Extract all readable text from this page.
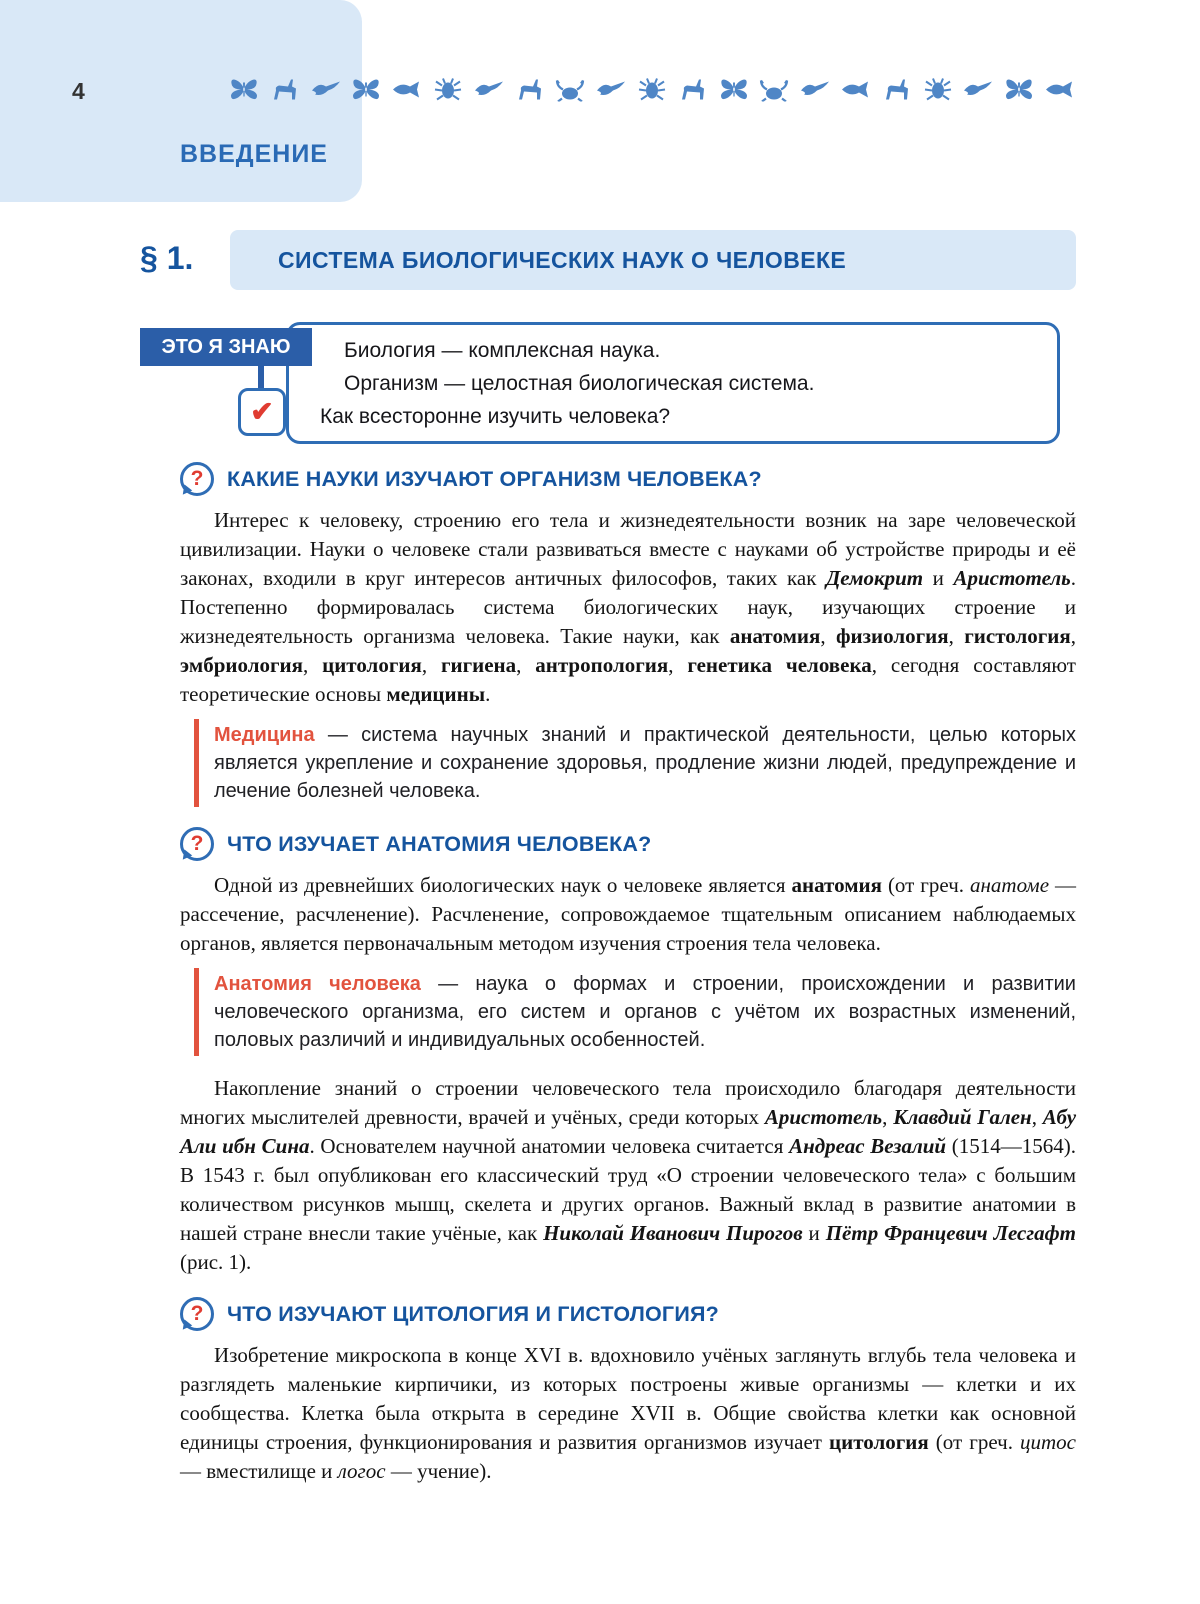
4
ВВЕДЕНИЕ
§ 1.	СИСТЕМА БИОЛОГИЧЕСКИХ НАУК О ЧЕЛОВЕКЕ
ЭТО Я ЗНАЮ
✔
Биология — комплексная наука.
Организм — целостная биологическая система.
Как всесторонне изучить человека?
? КАКИЕ НАУКИ ИЗУЧАЮТ ОРГАНИЗМ ЧЕЛОВЕКА?

Интерес к человеку, строению его тела и жизнедеятельности возник на заре человеческой цивилизации. Науки о человеке стали развиваться вместе с науками об устройстве природы и её законах, входили в круг интересов античных философов, таких как Демокрит и Аристотель. Постепенно формировалась система биологических наук, изучающих строение и жизнедеятельность организма человека. Такие науки, как анатомия, физиология, гистология, эмбриология, цитология, гигиена, антропология, генетика человека, сегодня составляют теоретические основы медицины.

Медицина — система научных знаний и практической деятельности, целью которых является укрепление и сохранение здоровья, продление жизни людей, предупреждение и лечение болезней человека.

? ЧТО ИЗУЧАЕТ АНАТОМИЯ ЧЕЛОВЕКА?

Одной из древнейших биологических наук о человеке является анатомия (от греч. анатоме — рассечение, расчленение). Расчленение, сопровождаемое тщательным описанием наблюдаемых органов, является первоначальным методом изучения строения тела человека.

Анатомия человека — наука о формах и строении, происхождении и развитии человеческого организма, его систем и органов с учётом их возрастных изменений, половых различий и индивидуальных особенностей.

Накопление знаний о строении человеческого тела происходило благодаря деятельности многих мыслителей древности, врачей и учёных, среди которых Аристотель, Клавдий Гален, Абу Али ибн Сина. Основателем научной анатомии человека считается Андреас Везалий (1514—1564). В 1543 г. был опубликован его классический труд «О строении человеческого тела» с большим количеством рисунков мышц, скелета и других органов. Важный вклад в развитие анатомии в нашей стране внесли такие учёные, как Николай Иванович Пирогов и Пётр Францевич Лесгафт (рис. 1).

? ЧТО ИЗУЧАЮТ ЦИТОЛОГИЯ И ГИСТОЛОГИЯ?

Изобретение микроскопа в конце XVI в. вдохновило учёных заглянуть вглубь тела человека и разглядеть маленькие кирпичики, из которых построены живые организмы — клетки и их сообщества. Клетка была открыта в середине XVII в. Общие свойства клетки как основной единицы строения, функционирования и развития организмов изучает цитология (от греч. цитос — вместилище и логос — учение).
